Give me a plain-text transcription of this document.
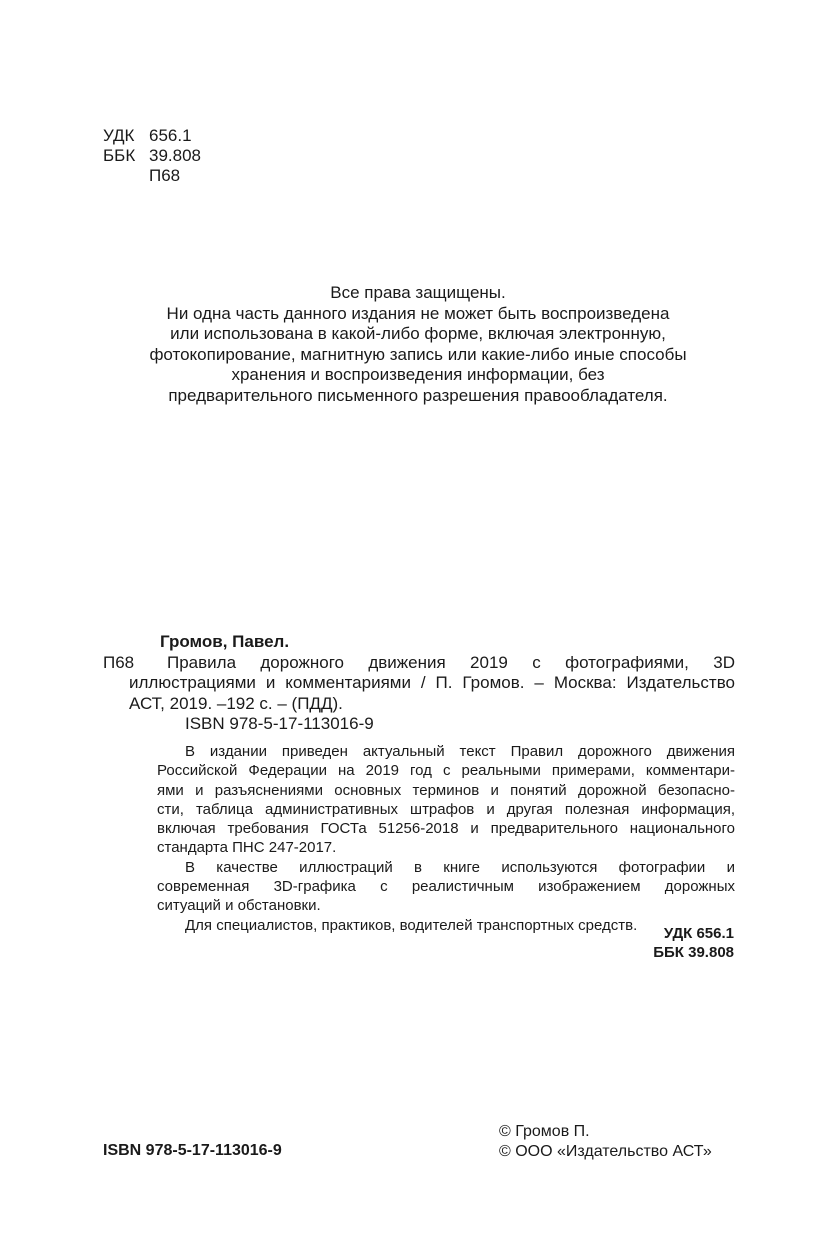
УДК 656.1
ББК 39.808
П68
Все права защищены.
Ни одна часть данного издания не может быть воспроизведена
или использована в какой-либо форме, включая электронную,
фотокопирование, магнитную запись или какие-либо иные способы
хранения и воспроизведения информации, без
предварительного письменного разрешения правообладателя.
Громов, Павел.
П68	Правила дорожного движения 2019 с фотографиями, 3D
иллюстрациями и комментариями / П. Громов. – Москва: Издательство
АСТ, 2019. –192 с. – (ПДД).
ISBN 978-5-17-113016-9
В издании приведен актуальный текст Правил дорожного движения
Российской Федерации на 2019 год с реальными примерами, комментари-
ями и разъяснениями основных терминов и понятий дорожной безопасно-
сти, таблица административных штрафов и другая полезная информация,
включая требования ГОСТа 51256-2018 и предварительного национального
стандарта ПНС 247-2017.
В качестве иллюстраций в книге используются фотографии и
современная 3D-графика с реалистичным изображением дорожных
ситуаций и обстановки.
Для специалистов, практиков, водителей транспортных средств.	УДК 656.1
ББК 39.808
ISBN 978-5-17-113016-9
© Громов П.
© ООО «Издательство АСТ»
